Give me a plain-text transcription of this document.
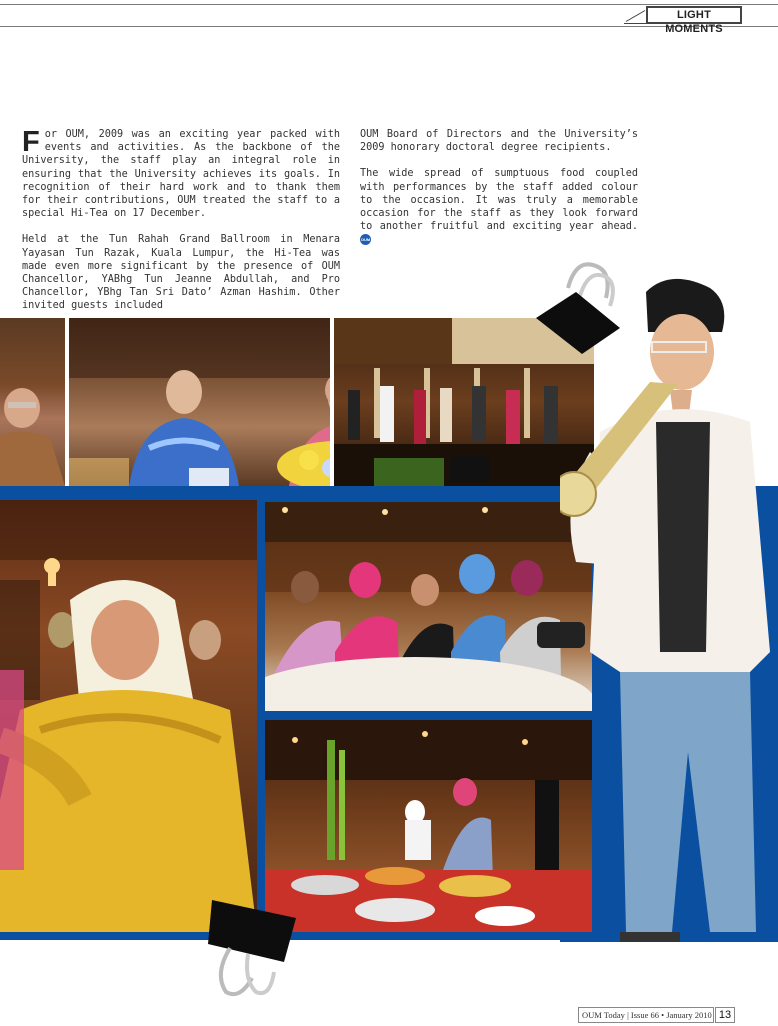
LIGHT MOMENTS

For OUM, 2009 was an exciting year packed with events and activities. As the backbone of the University, the staff play an integral role in ensuring that the University achieves its goals. In recognition of their hard work and to thank them for their contributions, OUM treated the staff to a special Hi-Tea on 17 December.

Held at the Tun Rahah Grand Ballroom in Menara Yayasan Tun Razak, Kuala Lumpur, the Hi-Tea was made even more significant by the presence of OUM Chancellor, YABhg Tun Jeanne Abdullah, and Pro Chancellor, YBhg Tan Sri Dato’ Azman Hashim. Other invited guests included

OUM Board of Directors and the University’s 2009 honorary doctoral degree recipients.

The wide spread of sumptuous food coupled with performances by the staff added colour to the occasion. It was truly a memorable occasion for the staff as they look forward to another fruitful and exciting year ahead. OUM

OUM Today | Issue 66 • January 2010 13
